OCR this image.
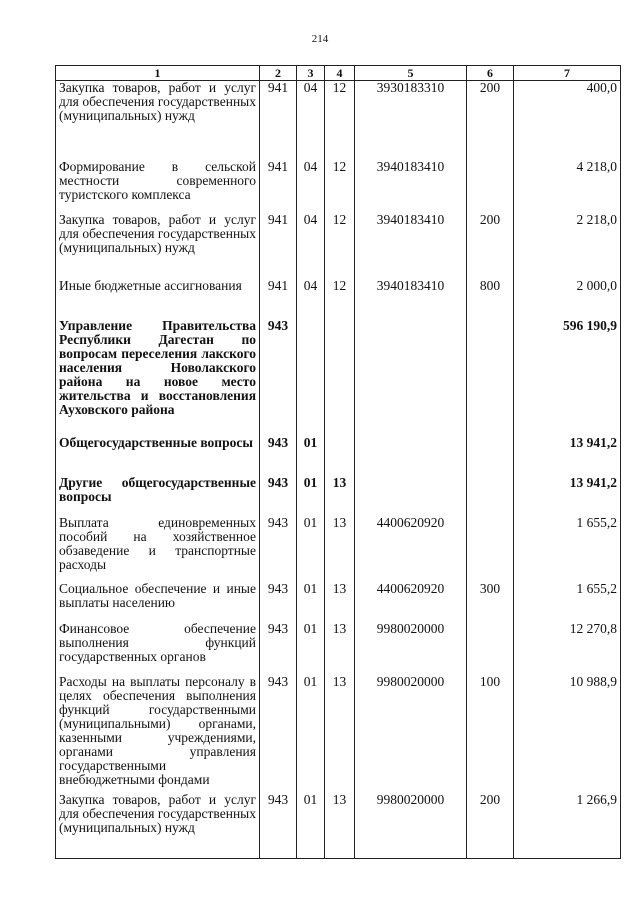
214
1	2	3	4	5	6	7
Закупка товаров, работ и услуг для обеспечения государственных (муниципальных) нужд	941	04	12	3930183310	200	400,0
Формирование в сельской местности современного туристского комплекса	941	04	12	3940183410		4 218,0
Закупка товаров, работ и услуг для обеспечения государственных (муниципальных) нужд	941	04	12	3940183410	200	2 218,0
Иные бюджетные ассигнования	941	04	12	3940183410	800	2 000,0
Управление Правительства Республики Дагестан по вопросам переселения лакского населения Новолакского района на новое место жительства и восстановления Ауховского района	943					596 190,9
Общегосударственные вопросы	943	01				13 941,2
Другие общегосударственные вопросы	943	01	13			13 941,2
Выплата единовременных пособий на хозяйственное обзаведение и транспортные расходы	943	01	13	4400620920		1 655,2
Социальное обеспечение и иные выплаты населению	943	01	13	4400620920	300	1 655,2
Финансовое обеспечение выполнения функций государственных органов	943	01	13	9980020000		12 270,8
Расходы на выплаты персоналу в целях обеспечения выполнения функций государственными (муниципальными) органами, казенными учреждениями, органами управления государственными внебюджетными фондами	943	01	13	9980020000	100	10 988,9
Закупка товаров, работ и услуг для обеспечения государственных (муниципальных) нужд	943	01	13	9980020000	200	1 266,9
